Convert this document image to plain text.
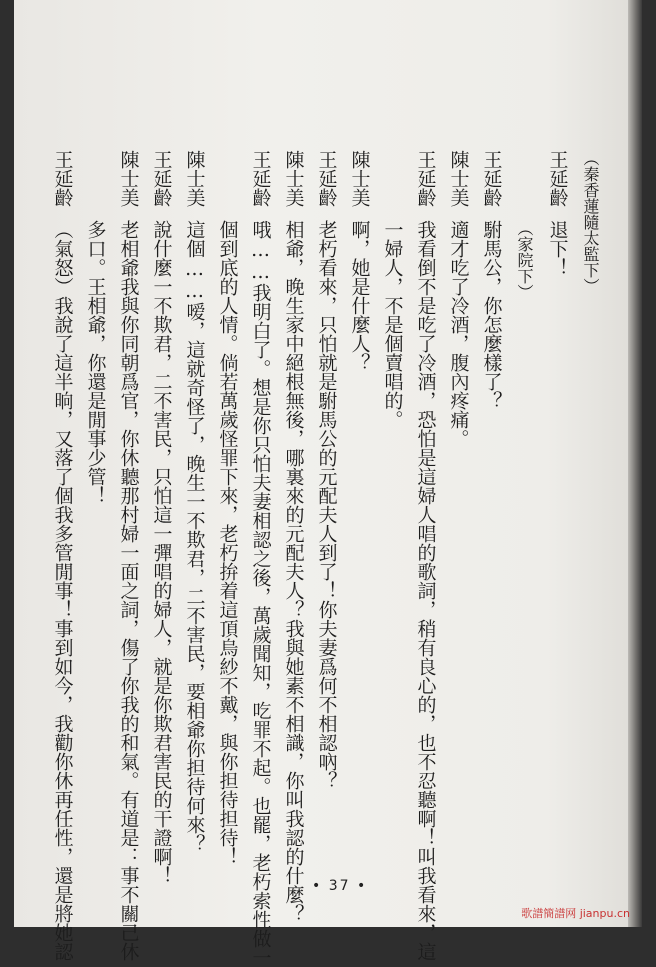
（秦香蓮隨太監下）
王延齡退下！
（家院下）
王延齡駙馬公，你怎麼樣了？
陳士美適才吃了冷酒，腹內疼痛。
王延齡我看倒不是吃了冷酒，恐怕是這婦人唱的歌詞，稍有良心的，也不忍聽啊！叫我看來，這
一婦人，不是個賣唱的。
陳士美啊，她是什麼人？
王延齡老朽看來，只怕就是駙馬公的元配夫人到了！你夫妻爲何不相認吶？
陳士美相爺，晚生家中絕根無後，哪裏來的元配夫人？我與她素不相識，你叫我認的什麼？
王延齡哦……我明白了。想是你只怕夫妻相認之後，萬歲聞知，吃罪不起。也罷，老朽索性做一
個到底的人情。倘若萬歲怪罪下來，老朽拚着這頂烏紗不戴，與你担待担待！
陳士美這個……嗳，這就奇怪了，晚生一不欺君，二不害民，要相爺你担待何來？
王延齡說什麼一不欺君，二不害民，只怕這一彈唱的婦人，就是你欺君害民的干證啊！
陳士美老相爺我與你同朝爲官，你休聽那村婦一面之詞，傷了你我的和氣。有道是：事不關己休
多口。王相爺，你還是閒事少管！
王延齡（氣怒）我說了這半晌，又落了個我多管閒事！事到如今，我勸你休再任性，還是將她認	• 37 •
歌譜簡譜网 jianpu.cn
